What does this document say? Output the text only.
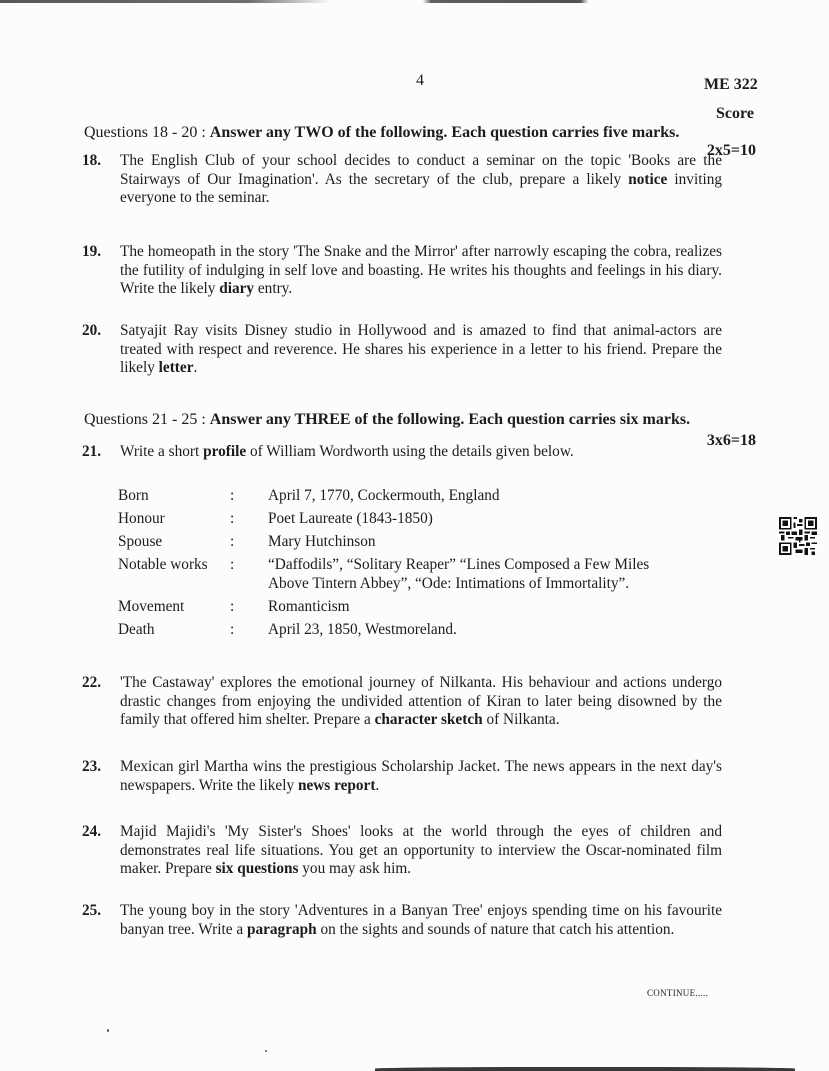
4	ME 322
Score
Questions 18 - 20 : Answer any TWO of the following. Each question carries five marks.
2x5=10
18. The English Club of your school decides to conduct a seminar on the topic 'Books are the Stairways of Our Imagination'. As the secretary of the club, prepare a likely notice inviting everyone to the seminar.
19. The homeopath in the story 'The Snake and the Mirror' after narrowly escaping the cobra, realizes the futility of indulging in self love and boasting. He writes his thoughts and feelings in his diary. Write the likely diary entry.
20. Satyajit Ray visits Disney studio in Hollywood and is amazed to find that animal-actors are treated with respect and reverence. He shares his experience in a letter to his friend. Prepare the likely letter.
Questions 21 - 25 : Answer any THREE of the following. Each question carries six marks.
3x6=18
21. Write a short profile of William Wordworth using the details given below.
Born	:	April 7, 1770, Cockermouth, England
Honour	:	Poet Laureate (1843-1850)
Spouse	:	Mary Hutchinson
Notable works	:	“Daffodils”, “Solitary Reaper” “Lines Composed a Few Miles Above Tintern Abbey”, “Ode: Intimations of Immortality”.
Movement	:	Romanticism
Death	:	April 23, 1850, Westmoreland.
22. 'The Castaway' explores the emotional journey of Nilkanta. His behaviour and actions undergo drastic changes from enjoying the undivided attention of Kiran to later being disowned by the family that offered him shelter. Prepare a character sketch of Nilkanta.
23. Mexican girl Martha wins the prestigious Scholarship Jacket. The news appears in the next day's newspapers. Write the likely news report.
24. Majid Majidi's 'My Sister's Shoes' looks at the world through the eyes of children and demonstrates real life situations. You get an opportunity to interview the Oscar-nominated film maker. Prepare six questions you may ask him.
25. The young boy in the story 'Adventures in a Banyan Tree' enjoys spending time on his favourite banyan tree. Write a paragraph on the sights and sounds of nature that catch his attention.
CONTINUE.....
